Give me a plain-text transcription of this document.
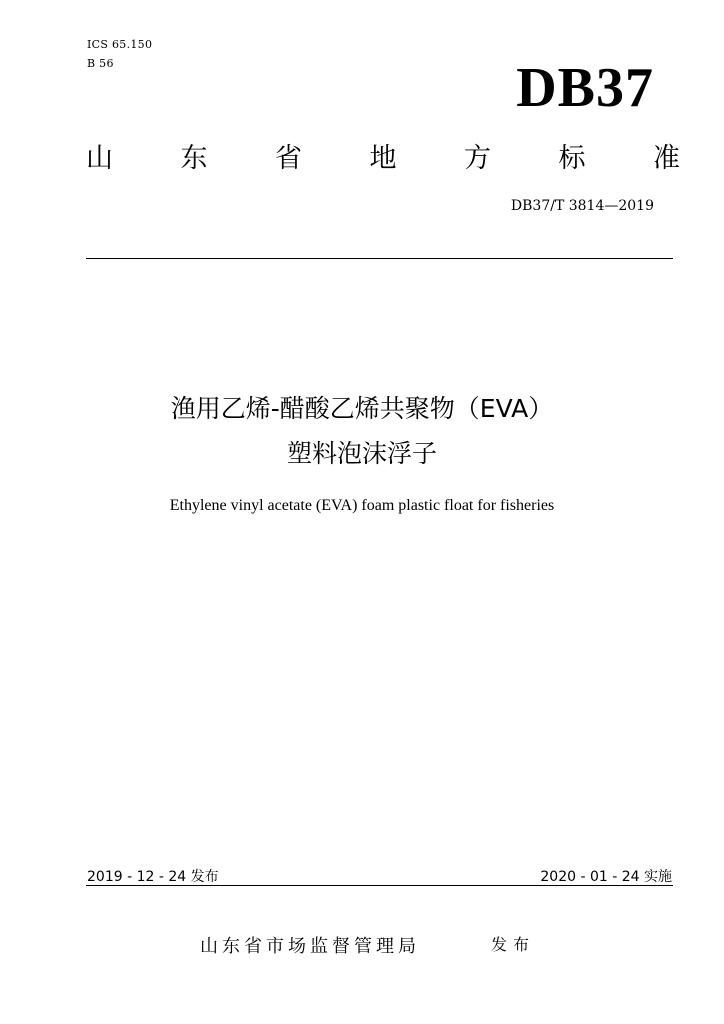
ICS 65.150
B 56	DB37
山	东	省	地	方	标	准
DB37/T 3814—2019
渔用乙烯-醋酸乙烯共聚物（EVA）
塑料泡沫浮子
Ethylene vinyl acetate (EVA) foam plastic float for fisheries
2019 - 12 - 24 发布	2020 - 01 - 24 实施
山东省市场监督管理局	发布
